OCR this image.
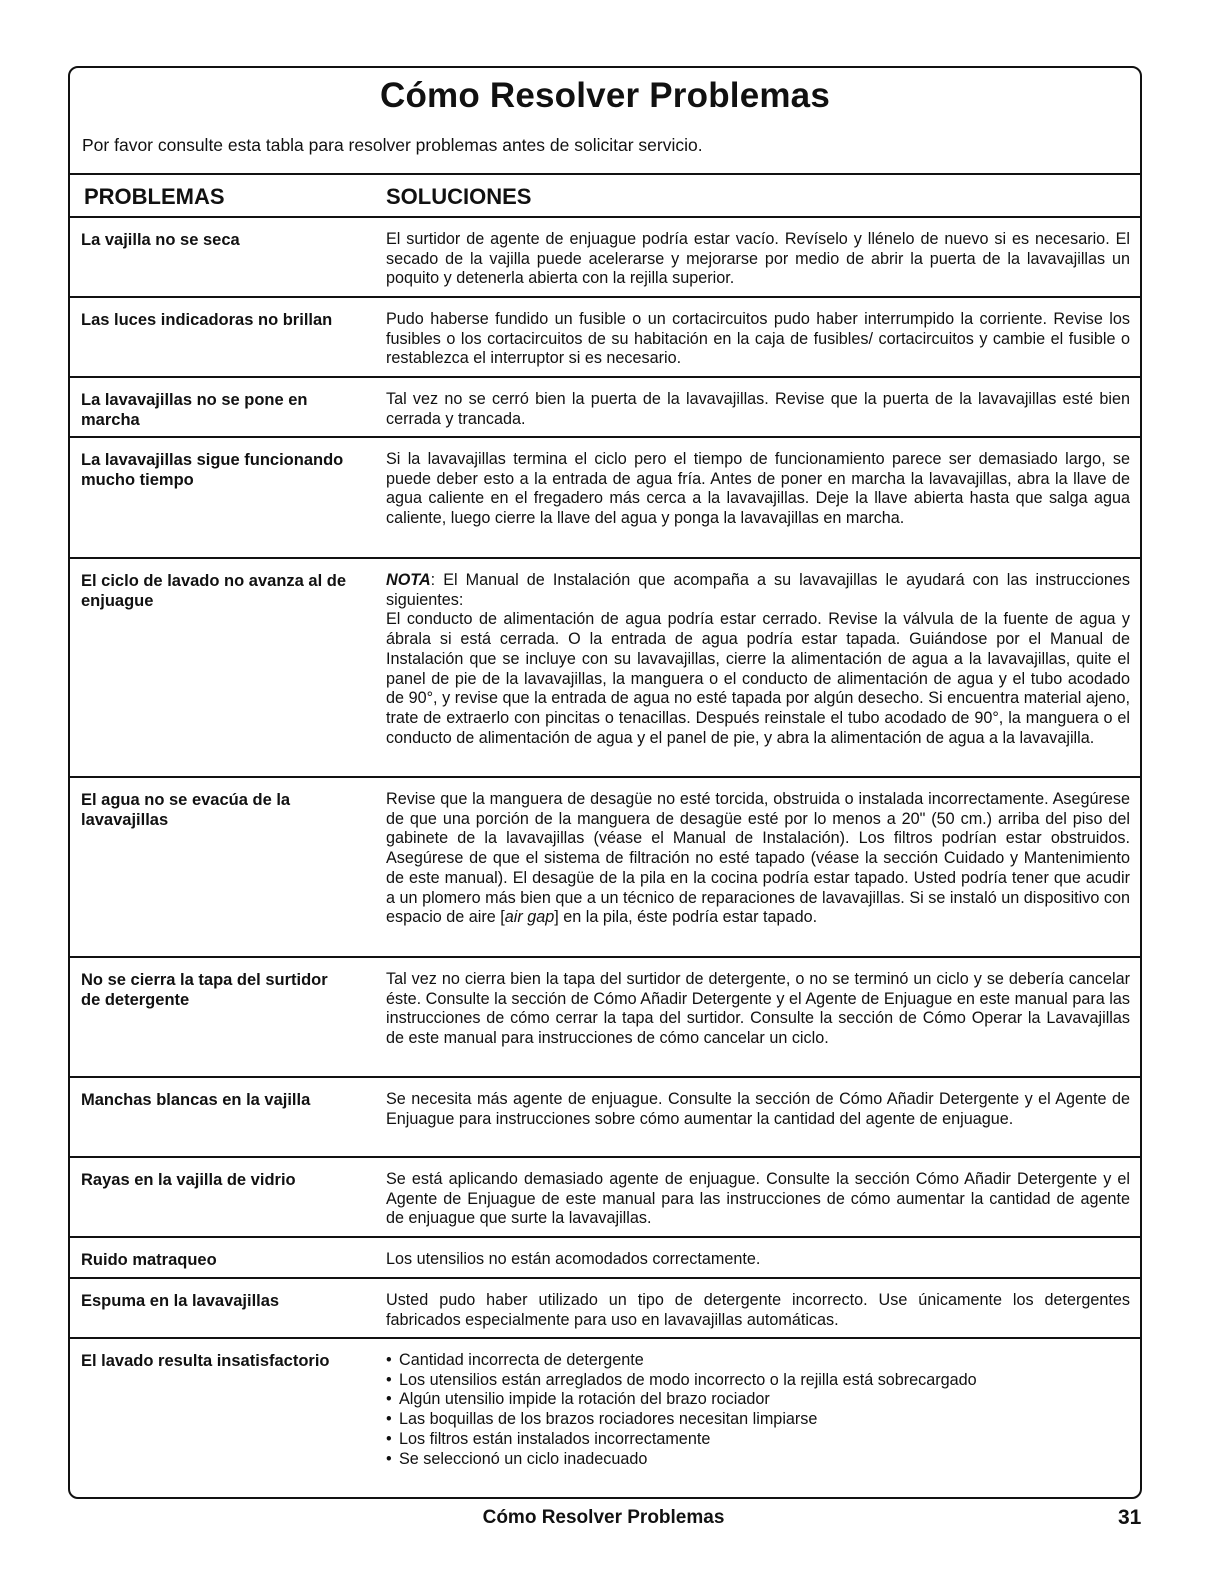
Cómo Resolver Problemas

Por favor consulte esta tabla para resolver problemas antes de solicitar servicio.

PROBLEMAS	SOLUCIONES
La vajilla no se seca	El surtidor de agente de enjuague podría estar vacío. Revíselo y llénelo de nuevo si es necesario. El secado de la vajilla puede acelerarse y mejorarse por medio de abrir la puerta de la lavavajillas un poquito y detenerla abierta con la rejilla superior.
Las luces indicadoras no brillan	Pudo haberse fundido un fusible o un cortacircuitos pudo haber interrumpido la corriente. Revise los fusibles o los cortacircuitos de su habitación en la caja de fusibles/ cortacircuitos y cambie el fusible o restablezca el interruptor si es necesario.
La lavavajillas no se pone en marcha
Tal vez no se cerró bien la puerta de la lavavajillas. Revise que la puerta de la lavavajillas esté bien cerrada y trancada.
La lavavajillas sigue funcionando mucho tiempo
Si la lavavajillas termina el ciclo pero el tiempo de funcionamiento parece ser demasiado largo, se puede deber esto a la entrada de agua fría. Antes de poner en marcha la lavavajillas, abra la llave de agua caliente en el fregadero más cerca a la lavavajillas. Deje la llave abierta hasta que salga agua caliente, luego cierre la llave del agua y ponga la lavavajillas en marcha.
El ciclo de lavado no avanza al de enjuague

NOTA: El Manual de Instalación que acompaña a su lavavajillas le ayudará con las instrucciones siguientes:

El conducto de alimentación de agua podría estar cerrado. Revise la válvula de la fuente de agua y ábrala si está cerrada. O la entrada de agua podría estar tapada. Guiándose por el Manual de Instalación que se incluye con su lavavajillas, cierre la alimentación de agua a la lavavajillas, quite el panel de pie de la lavavajillas, la manguera o el conducto de alimentación de agua y el tubo acodado de 90°, y revise que la entrada de agua no esté tapada por algún desecho. Si encuentra material ajeno, trate de extraerlo con pincitas o tenacillas. Después reinstale el tubo acodado de 90°, la manguera o el conducto de alimentación de agua y el panel de pie, y abra la alimentación de agua a la lavavajilla.

El agua no se evacúa de la lavavajillas
Revise que la manguera de desagüe no esté torcida, obstruida o instalada incorrectamente. Asegúrese de que una porción de la manguera de desagüe esté por lo menos a 20" (50 cm.) arriba del piso del gabinete de la lavavajillas (véase el Manual de Instalación). Los filtros podrían estar obstruidos. Asegúrese de que el sistema de filtración no esté tapado (véase la sección Cuidado y Mantenimiento de este manual). El desagüe de la pila en la cocina podría estar tapado. Usted podría tener que acudir a un plomero más bien que a un técnico de reparaciones de lavavajillas. Si se instaló un dispositivo con espacio de aire [air gap] en la pila, éste podría estar tapado.
No se cierra la tapa del surtidor de detergente
Tal vez no cierra bien la tapa del surtidor de detergente, o no se terminó un ciclo y se debería cancelar éste. Consulte la sección de Cómo Añadir Detergente y el Agente de Enjuague en este manual para las instrucciones de cómo cerrar la tapa del surtidor. Consulte la sección de Cómo Operar la Lavavajillas de este manual para instrucciones de cómo cancelar un ciclo.
Manchas blancas en la vajilla	Se necesita más agente de enjuague. Consulte la sección de Cómo Añadir Detergente y el Agente de Enjuague para instrucciones sobre cómo aumentar la cantidad del agente de enjuague.
Rayas en la vajilla de vidrio	Se está aplicando demasiado agente de enjuague. Consulte la sección Cómo Añadir Detergente y el Agente de Enjuague de este manual para las instrucciones de cómo aumentar la cantidad de agente de enjuague que surte la lavavajillas.
Ruido matraqueo	Los utensilios no están acomodados correctamente.
Espuma en la lavavajillas	Usted pudo haber utilizado un tipo de detergente incorrecto. Use únicamente los detergentes fabricados especialmente para uso en lavavajillas automáticas.
El lavado resulta insatisfactorio
•	Cantidad incorrecta de detergente
• Los utensilios están arreglados de modo incorrecto o la rejilla está sobrecargado
• Algún utensilio impide la rotación del brazo rociador
• Las boquillas de los brazos rociadores necesitan limpiarse
• Los filtros están instalados incorrectamente
• Se seleccionó un ciclo inadecuado

Cómo Resolver Problemas	31
